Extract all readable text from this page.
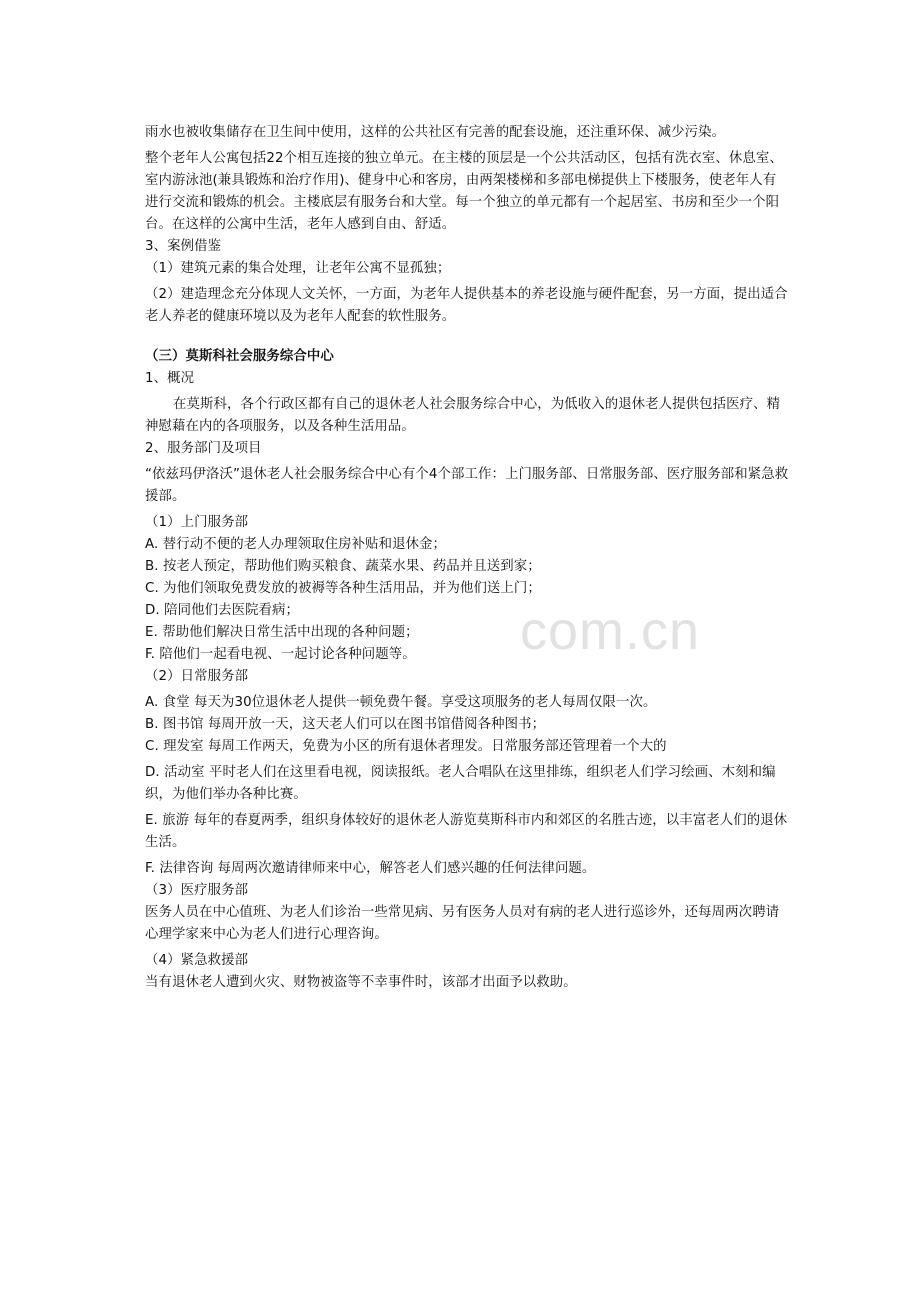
com.cn
雨水也被收集储存在卫生间中使用，这样的公共社区有完善的配套设施，还注重环保、减少污染。
整个老年人公寓包括22个相互连接的独立单元。在主楼的顶层是一个公共活动区，包括有洗衣室、休息室、
室内游泳池(兼具锻炼和治疗作用)、健身中心和客房，由两架楼梯和多部电梯提供上下楼服务，使老年人有
进行交流和锻炼的机会。主楼底层有服务台和大堂。每一个独立的单元都有一个起居室、书房和至少一个阳
台。在这样的公寓中生活，老年人感到自由、舒适。
3、案例借鉴
（1）建筑元素的集合处理，让老年公寓不显孤独；
（2）建造理念充分体现人文关怀，一方面，为老年人提供基本的养老设施与硬件配套，另一方面，提出适合
老人养老的健康环境以及为老年人配套的软性服务。
（三）莫斯科社会服务综合中心
1、概况
在莫斯科，各个行政区都有自己的退休老人社会服务综合中心，为低收入的退休老人提供包括医疗、精
神慰藉在内的各项服务，以及各种生活用品。
2、服务部门及项目
“依兹玛伊洛沃”退休老人社会服务综合中心有个4个部工作：上门服务部、日常服务部、医疗服务部和紧急救
援部。
（1）上门服务部
A. 替行动不便的老人办理领取住房补贴和退休金；
B. 按老人预定，帮助他们购买粮食、蔬菜水果、药品并且送到家；
C. 为他们领取免费发放的被褥等各种生活用品，并为他们送上门；
D. 陪同他们去医院看病；
E. 帮助他们解决日常生活中出现的各种问题；
F. 陪他们一起看电视、一起讨论各种问题等。
（2）日常服务部
A. 食堂 每天为30位退休老人提供一顿免费午餐。享受这项服务的老人每周仅限一次。
B. 图书馆 每周开放一天，这天老人们可以在图书馆借阅各种图书；
C. 理发室 每周工作两天，免费为小区的所有退休者理发。日常服务部还管理着一个大的
D. 活动室 平时老人们在这里看电视，阅读报纸。老人合唱队在这里排练，组织老人们学习绘画、木刻和编
织，为他们举办各种比赛。
E. 旅游 每年的春夏两季，组织身体较好的退休老人游览莫斯科市内和郊区的名胜古迹，以丰富老人们的退休
生活。
F. 法律咨询 每周两次邀请律师来中心，解答老人们感兴趣的任何法律问题。
（3）医疗服务部
医务人员在中心值班、为老人们诊治一些常见病、另有医务人员对有病的老人进行巡诊外，还每周两次聘请
心理学家来中心为老人们进行心理咨询。
（4）紧急救援部
当有退休老人遭到火灾、财物被盗等不幸事件时，该部才出面予以救助。
